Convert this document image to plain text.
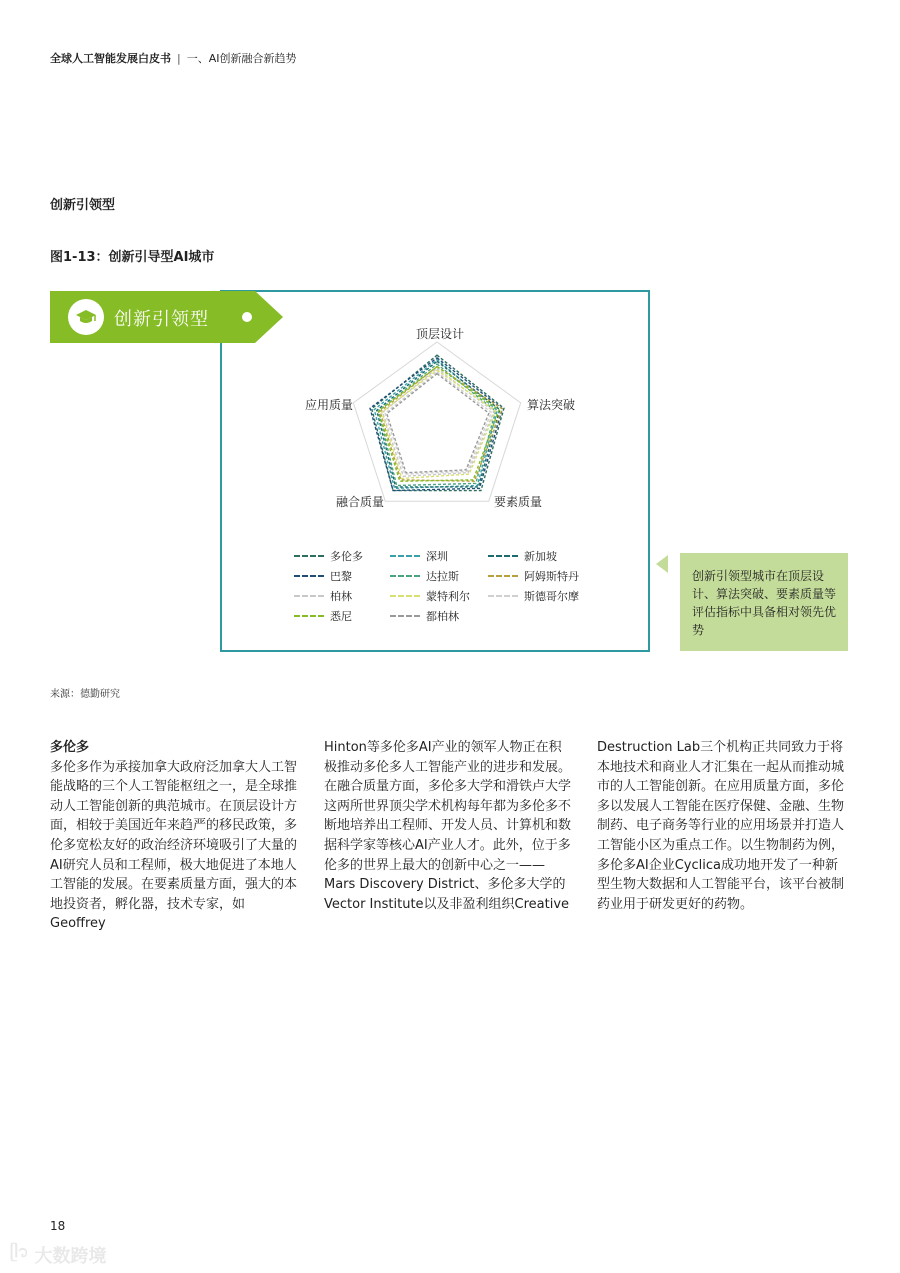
全球人工智能发展白皮书 | 一、AI创新融合新趋势
创新引领型
图1-13：创新引导型AI城市
创新引领型
顶层设计
算法突破
要素质量
融合质量
应用质量
多伦多	深圳	新加坡
巴黎	达拉斯	阿姆斯特丹
柏林	蒙特利尔	斯德哥尔摩
悉尼	都柏林
创新引领型城市在顶层设计、算法突破、要素质量等评估指标中具备相对领先优势
来源：德勤研究
多伦多

多伦多作为承接加拿大政府泛加拿大人工智能战略的三个人工智能枢纽之一，是全球推动人工智能创新的典范城市。在顶层设计方面，相较于美国近年来趋严的移民政策，多伦多宽松友好的政治经济环境吸引了大量的AI研究人员和工程师，极大地促进了本地人工智能的发展。在要素质量方面，强大的本地投资者，孵化器，技术专家，如Geoffrey

Hinton等多伦多AI产业的领军人物正在积极推动多伦多人工智能产业的进步和发展。在融合质量方面，多伦多大学和滑铁卢大学这两所世界顶尖学术机构每年都为多伦多不断地培养出工程师、开发人员、计算机和数据科学家等核心AI产业人才。此外，位于多伦多的世界上最大的创新中心之一——Mars Discovery District、多伦多大学的Vector Institute以及非盈利组织Creative

Destruction Lab三个机构正共同致力于将本地技术和商业人才汇集在一起从而推动城市的人工智能创新。在应用质量方面，多伦多以发展人工智能在医疗保健、金融、生物制药、电子商务等行业的应用场景并打造人工智能小区为重点工作。以生物制药为例，多伦多AI企业Cyclica成功地开发了一种新型生物大数据和人工智能平台，该平台被制药业用于研发更好的药物。

18
ᥫ᭡ 大数跨境
